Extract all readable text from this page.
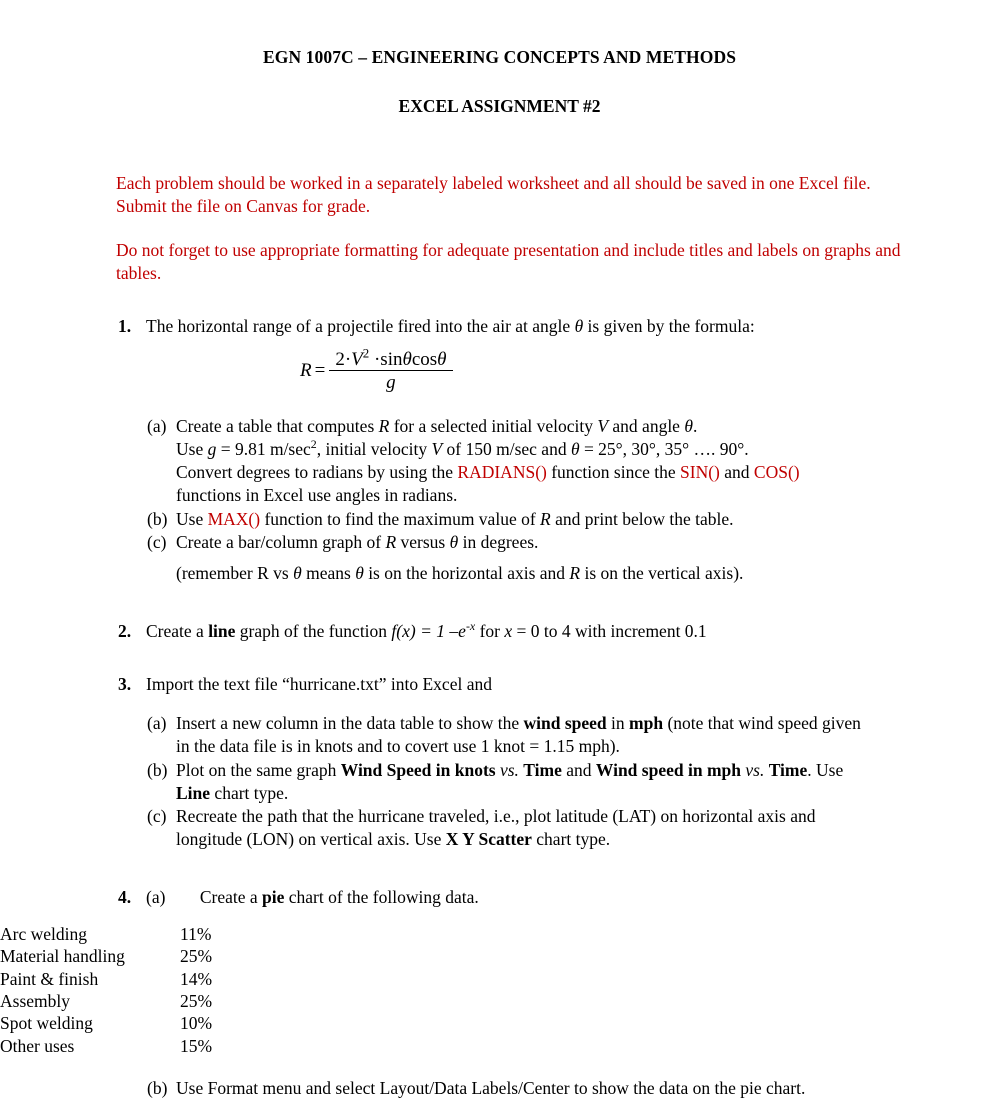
EGN 1007C – ENGINEERING CONCEPTS AND METHODS
EXCEL ASSIGNMENT #2

Each problem should be worked in a separately labeled worksheet and all should be saved in one Excel file. Submit the file on Canvas for grade.

Do not forget to use appropriate formatting for adequate presentation and include titles and labels on graphs and tables.

1. The horizontal range of a projectile fired into the air at angle θ is given by the formula:
$R = \frac{2\cdot V^2 \cdot\sin\theta\cos\theta}{g}$
(a) Create a table that computes R for a selected initial velocity V and angle θ.
Use g = 9.81 $m/\sec^2$, initial velocity V of 150 m/sec and θ = 25°, 30°, 35° …. 90°.
Convert degrees to radians by using the RADIANS() function since the SIN() and COS()
functions in Excel use angles in radians.
(b) Use MAX() function to find the maximum value of R and print below the table.
(c) Create a bar/column graph of R versus θ in degrees.
(remember R vs θ means θ is on the horizontal axis and R is on the vertical axis).
2. Create a line graph of the function f(x) = 1 $-e^{-x}$ for x = 0 to 4 with increment 0.1
3. Import the text file “hurricane.txt” into Excel and
(a) Insert a new column in the data table to show the wind speed in mph (note that wind speed given
in the data file is in knots and to covert use 1 knot = 1.15 mph).
(b) Plot on the same graph Wind Speed in knots vs. Time and Wind speed in mph vs. Time. Use
Line chart type.
(c) Recreate the path that the hurricane traveled, i.e., plot latitude (LAT) on horizontal axis and
longitude (LON) on vertical axis. Use X Y Scatter chart type.
4. (a) Create a pie chart of the following data.
Arc welding	11%
Material handling	25%
Paint & finish	14%
Assembly	25%
Spot welding	10%
Other uses	15%
(b) Use Format menu and select Layout/Data Labels/Center to show the data on the pie chart.
